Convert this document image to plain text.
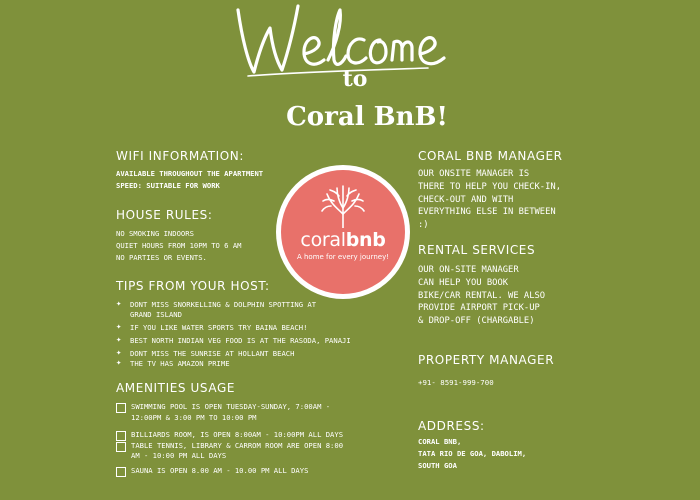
to
Coral BnB!
WIFI INFORMATION:
AVAILABLE THROUGHOUT THE APARTMENT
SPEED: SUITABLE FOR WORK
HOUSE RULES:
NO SMOKING INDOORS
QUIET HOURS FROM 10PM TO 6 AM
NO PARTIES OR EVENTS.
TIPS FROM YOUR HOST:
✦ DONT MISS SNORKELLING & DOLPHIN SPOTTING AT
GRAND ISLAND
✦ IF YOU LIKE WATER SPORTS TRY BAINA BEACH!
✦ BEST NORTH INDIAN VEG FOOD IS AT THE RASODA, PANAJI
✦ DONT MISS THE SUNRISE AT HOLLANT BEACH
✦ THE TV HAS AMAZON PRIME
AMENITIES USAGE
SWIMMING POOL IS OPEN TUESDAY-SUNDAY, 7:00AM -
12:00PM & 3:00 PM TO 10:00 PM
BILLIARDS ROOM, IS OPEN 8:00AM - 10:00PM ALL DAYS
TABLE TENNIS, LIBRARY & CARROM ROOM ARE OPEN 8:00
AM - 10:00 PM ALL DAYS
SAUNA IS OPEN 8.00 AM - 10.00 PM ALL DAYS
coralbnb
A home for every journey!
CORAL BNB MANAGER
OUR ONSITE MANAGER IS
THERE TO HELP YOU CHECK-IN,
CHECK-OUT AND WITH
EVERYTHING ELSE IN BETWEEN
:)
RENTAL SERVICES
OUR ON-SITE MANAGER
CAN HELP YOU BOOK
BIKE/CAR RENTAL. WE ALSO
PROVIDE AIRPORT PICK-UP
& DROP-OFF (CHARGABLE)
PROPERTY MANAGER
+91- 8591-999-700
ADDRESS:
CORAL BNB,
TATA RIO DE GOA, DABOLIM,
SOUTH GOA
